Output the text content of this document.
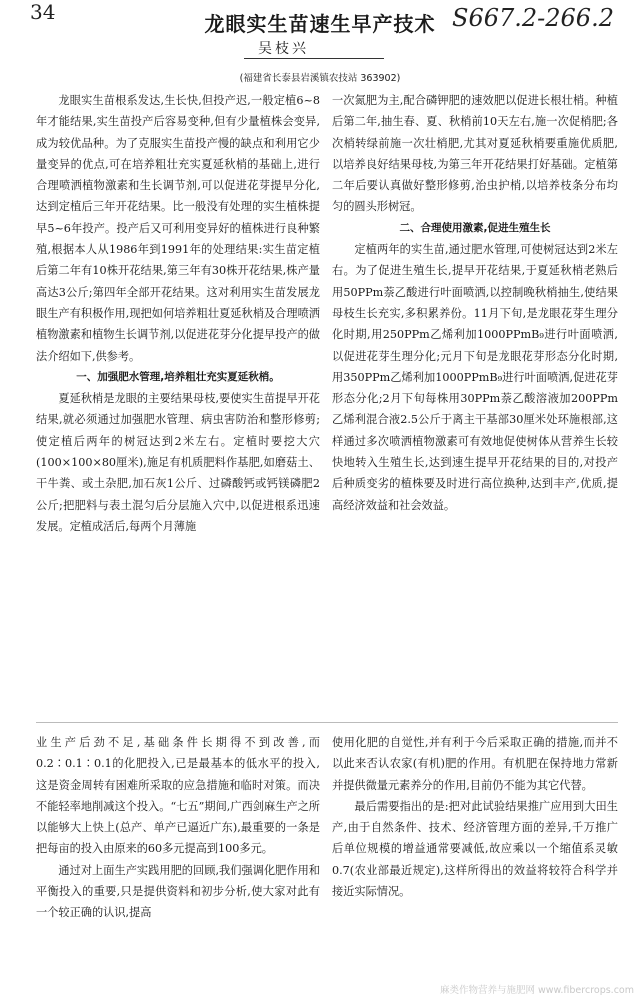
34	S667.2-266.2
龙眼实生苗速生早产技术
吴枝兴
(福建省长泰县岩溪镇农技站 363902)

龙眼实生苗根系发达,生长快,但投产迟,一般定植6~8年才能结果,实生苗投产后容易变种,但有少量植株会变异,成为较优品种。为了克服实生苗投产慢的缺点和利用它少量变异的优点,可在培养粗壮充实夏延秋梢的基础上,进行合理喷洒植物激素和生长调节剂,可以促进花芽提早分化,达到定植后三年开花结果。比一般没有处理的实生植株提早5~6年投产。投产后又可利用变异好的植株进行良种繁殖,根据本人从1986年到1991年的处理结果:实生苗定植后第二年有10株开花结果,第三年有30株开花结果,株产量高达3公斤;第四年全部开花结果。这对利用实生苗发展龙眼生产有积极作用,现把如何培养粗壮夏延秋梢及合理喷洒植物激素和植物生长调节剂,以促进花芽分化提早投产的做法介绍如下,供参考。

一、加强肥水管理,培养粗壮充实夏延秋梢。

夏延秋梢是龙眼的主要结果母枝,要使实生苗提早开花结果,就必须通过加强肥水管理、病虫害防治和整形修剪;使定植后两年的树冠达到2米左右。定植时要挖大穴(100×100×80厘米),施足有机质肥料作基肥,如磨菇土、干牛粪、或土杂肥,加石灰1公斤、过磷酸钙或钙镁磷肥2公斤;把肥料与表土混匀后分层施入穴中,以促进根系迅速发展。定植成活后,每两个月薄施

一次氮肥为主,配合磷钾肥的速效肥以促进长根壮梢。种植后第二年,抽生春、夏、秋梢前10天左右,施一次促梢肥;各次梢转绿前施一次壮梢肥,尤其对夏延秋梢要重施优质肥,以培养良好结果母枝,为第三年开花结果打好基础。定植第二年后要认真做好整形修剪,治虫护梢,以培养枝条分布均匀的圆头形树冠。

二、合理使用激素,促进生殖生长

定植两年的实生苗,通过肥水管理,可使树冠达到2米左右。为了促进生殖生长,提早开花结果,于夏延秋梢老熟后用50PPm萘乙酸进行叶面喷洒,以控制晚秋梢抽生,使结果母枝生长充实,多积累养份。11月下旬,是龙眼花芽生理分化时期,用250PPm乙烯利加1000PPmB₉进行叶面喷洒,以促进花芽生理分化;元月下旬是龙眼花芽形态分化时期,用350PPm乙烯利加1000PPmB₉进行叶面喷洒,促进花芽形态分化;2月下旬每株用30PPm萘乙酸溶液加200PPm乙烯利混合液2.5公斤于离主干基部30厘米处环施根部,这样通过多次喷洒植物激素可有效地促使树体从营养生长较快地转入生殖生长,达到速生提早开花结果的目的,对投产后种质变劣的植株要及时进行高位换种,达到丰产,优质,提高经济效益和社会效益。

业生产后劲不足,基础条件长期得不到改善,而0.2∶0.1∶0.1的化肥投入,已是最基本的低水平的投入,这是资金周转有困难所采取的应急措施和临时对策。而决不能轻率地削减这个投入。“七五”期间,广西剑麻生产之所以能够大上快上(总产、单产已逼近广东),最重要的一条是把每亩的投入由原来的60多元提高到100多元。

通过对上面生产实践用肥的回顾,我们强调化肥作用和平衡投入的重要,只是提供资料和初步分析,使大家对此有一个较正确的认识,提高

使用化肥的自觉性,并有利于今后采取正确的措施,而并不以此来否认农家(有机)肥的作用。有机肥在保持地力常新并提供微量元素养分的作用,目前仍不能为其它代替。

最后需要指出的是:把对此试验结果推广应用到大田生产,由于自然条件、技术、经济管理方面的差异,千万推广后单位规模的增益通常要减低,故应乘以一个缩值系灵敏0.7(农业部最近规定),这样所得出的效益将较符合科学并接近实际情况。

麻类作物营养与施肥网 www.fibercrops.com
